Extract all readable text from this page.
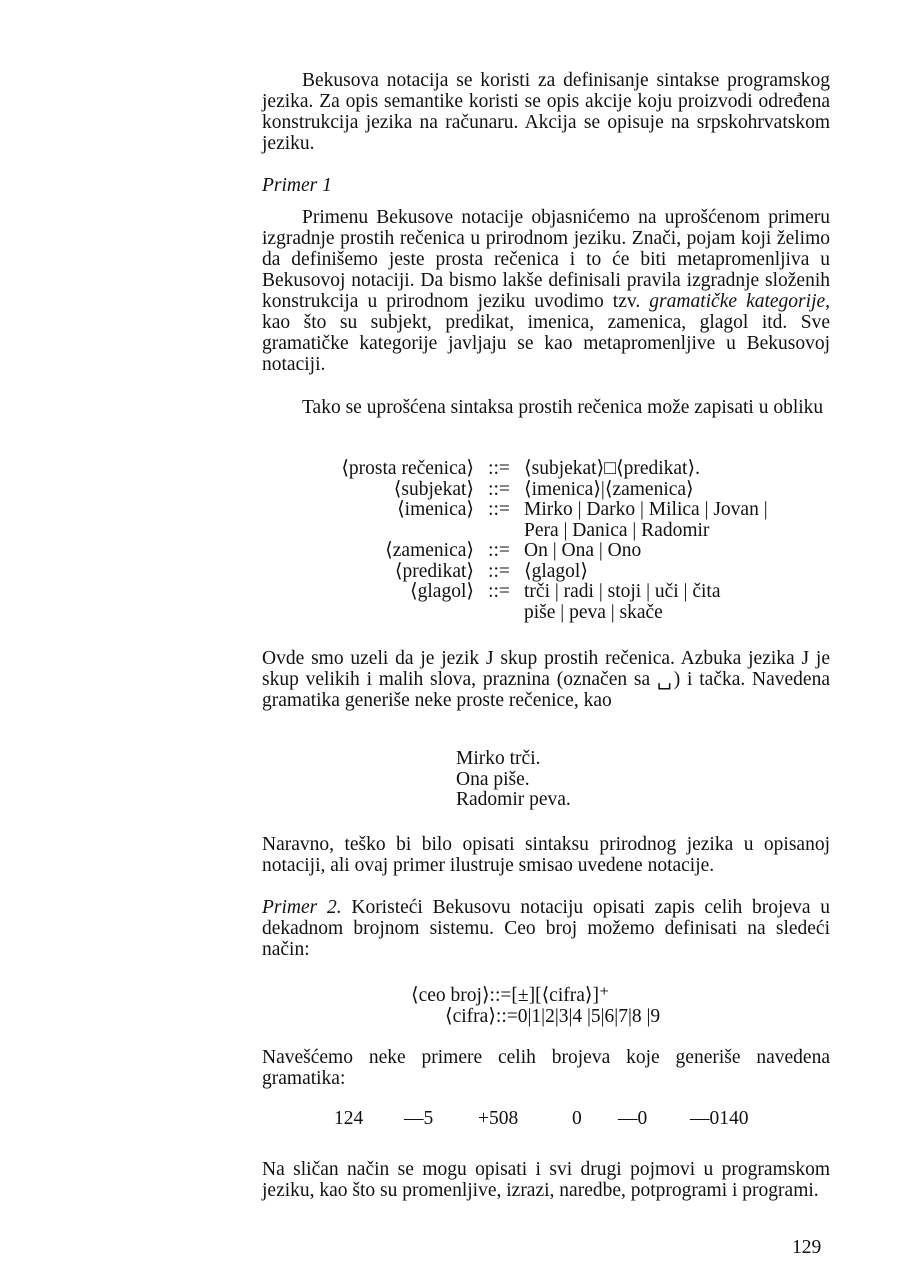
Bekusova notacija se koristi za definisanje sintakse programskog jezika. Za opis semantike koristi se opis akcije koju proizvodi određena konstrukcija jezika na računaru. Akcija se opisuje na srpskohrvatskom jeziku.

Primer 1

Primenu Bekusove notacije objasnićemo na uprošćenom primeru izgradnje prostih rečenica u prirodnom jeziku. Znači, pojam koji želimo da definišemo jeste prosta rečenica i to će biti metapromenljiva u Bekusovoj notaciji. Da bismo lakše definisali pravila izgradnje složenih konstrukcija u prirodnom jeziku uvodimo tzv. gramatičke kategorije, kao što su subjekt, predikat, imenica, zamenica, glagol itd. Sve gramatičke kategorije javljaju se kao metapromenljive u Bekusovoj notaciji.

Tako se uprošćena sintaksa prostih rečenica može zapisati u obliku

⟨prosta rečenica⟩ ::= ⟨subjekat⟩□⟨predikat⟩.
⟨subjekat⟩ ::= ⟨imenica⟩|⟨zamenica⟩
⟨imenica⟩ ::= Mirko | Darko | Milica | Jovan |
Pera | Danica | Radomir
⟨zamenica⟩ ::= On | Ona | Ono
⟨predikat⟩ ::= ⟨glagol⟩
⟨glagol⟩ ::= trči | radi | stoji | uči | čita
piše | peva | skače

Ovde smo uzeli da je jezik J skup prostih rečenica. Azbuka jezika J je skup velikih i malih slova, praznina (označen sa ␣) i tačka. Navedena gramatika generiše neke proste rečenice, kao

Mirko trči.
Ona piše.
Radomir peva.

Naravno, teško bi bilo opisati sintaksu prirodnog jezika u opisanoj notaciji, ali ovaj primer ilustruje smisao uvedene notacije.

Primer 2. Koristeći Bekusovu notaciju opisati zapis celih brojeva u dekadnom brojnom sistemu. Ceo broj možemo definisati na sledeći način:

⟨ceo broj⟩::=[±][⟨cifra⟩]⁺
⟨cifra⟩::=0|1|2|3|4 |5|6|7|8 |9

Navešćemo neke primere celih brojeva koje generiše navedena gramatika:

124 —5 +508	0 —0 —0140

Na sličan način se mogu opisati i svi drugi pojmovi u programskom jeziku, kao što su promenljive, izrazi, naredbe, potprogrami i programi.

129
